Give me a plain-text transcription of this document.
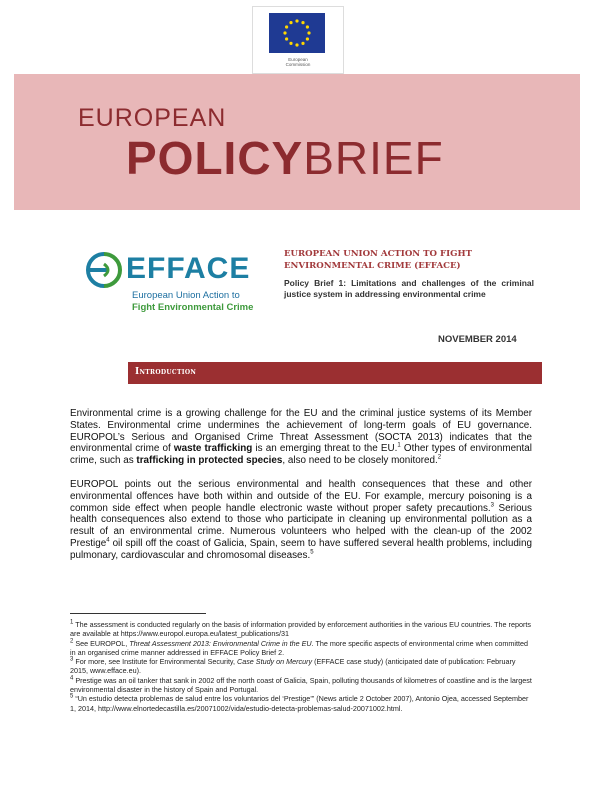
European
Commission
EUROPEAN
POLICYBRIEF
EFFACE
European Union Action to
Fight Environmental Crime
EUROPEAN UNION ACTION TO FIGHT
ENVIRONMENTAL CRIME (EFFACE)
Policy Brief 1: Limitations and challenges of the criminal justice system in addressing environmental crime
NOVEMBER 2014
Introduction

Environmental crime is a growing challenge for the EU and the criminal justice systems of its Member States. Environmental crime undermines the achievement of long-term goals of EU governance. EUROPOL’s Serious and Organised Crime Threat Assessment (SOCTA 2013) indicates that the environmental crime of waste trafficking is an emerging threat to the EU.$^1$ Other types of environmental crime, such as trafficking in protected species, also need to be closely monitored.$^2$

EUROPOL points out the serious environmental and health consequences that these and other environmental offences have both within and outside of the EU. For example, mercury poisoning is a common side effect when people handle electronic waste without proper safety precautions.$^3$ Serious health consequences also extend to those who participate in cleaning up environmental pollution as a result of an environmental crime. Numerous volunteers who helped with the clean-up of the 2002 Prestige$^4$ oil spill off the coast of Galicia, Spain, seem to have suffered several health problems, including pulmonary, cardiovascular and chromosomal diseases.$^5$

$^1$ The assessment is conducted regularly on the basis of information provided by enforcement authorities in the various EU countries. The reports are available at https://www.europol.europa.eu/latest_publications/31

$^2$ See EUROPOL, Threat Assessment 2013: Environmental Crime in the EU. The more specific aspects of environmental crime when committed in an organised crime manner addressed in EFFACE Policy Brief 2.

$^3$ For more, see Institute for Environmental Security, Case Study on Mercury (EFFACE case study) (anticipated date of publication: February 2015, www.efface.eu).

$^4$ Prestige was an oil tanker that sank in 2002 off the north coast of Galicia, Spain, polluting thousands of kilometres of coastline and is the largest environmental disaster in the history of Spain and Portugal.

$^5$ “Un estudio detecta problemas de salud entre los voluntarios del ‘Prestige’” (News article 2 October 2007), Antonio Ojea, accessed September 1, 2014, http://www.elnortedecastilla.es/20071002/vida/estudio-detecta-problemas-salud-20071002.html.
